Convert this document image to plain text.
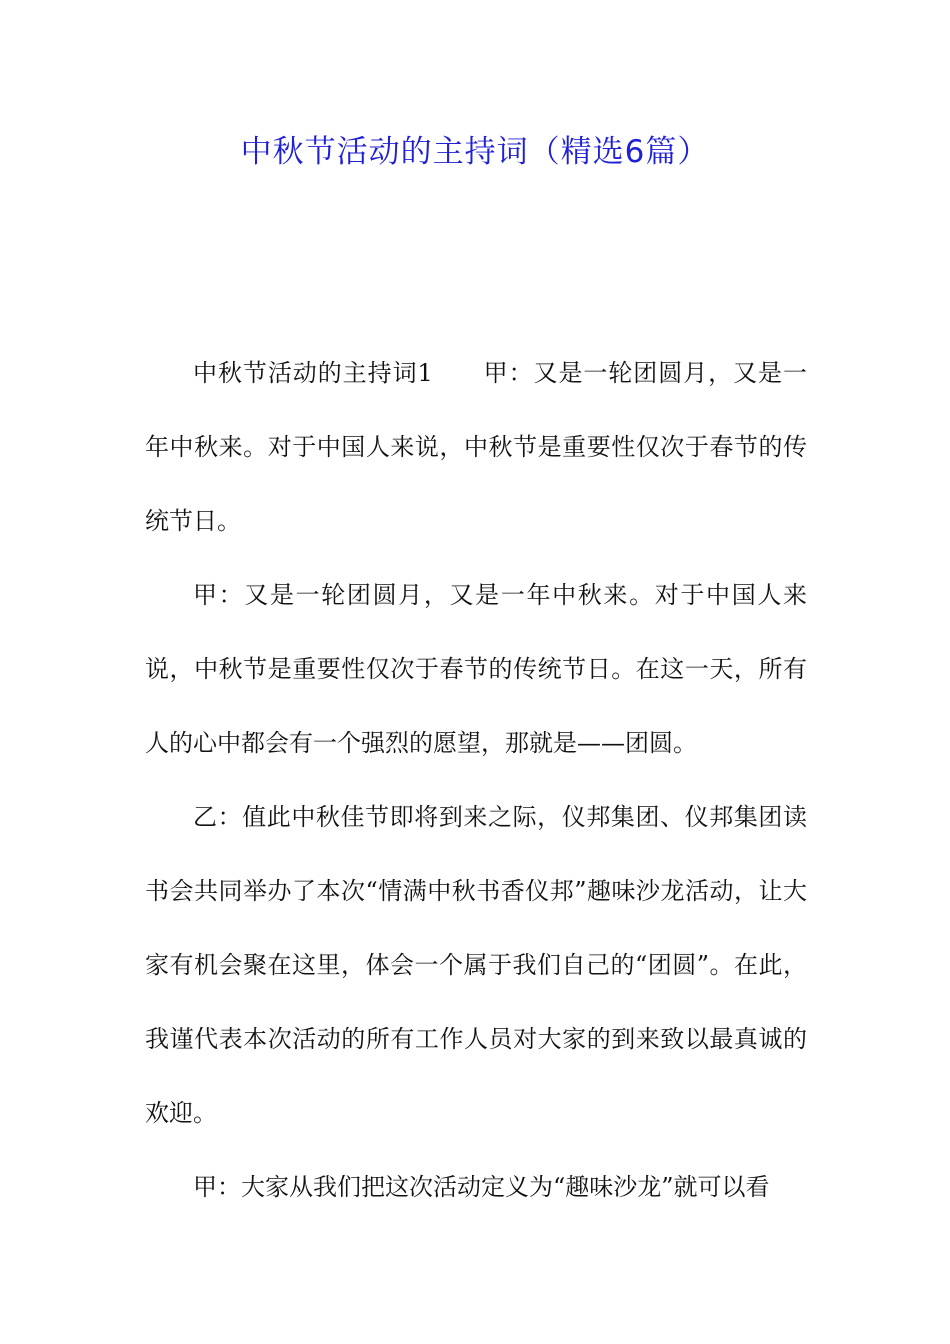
中秋节活动的主持词（精选6篇）

中秋节活动的主持词1　　甲：又是一轮团圆月，又是一年中秋来。对于中国人来说，中秋节是重要性仅次于春节的传统节日。

甲：又是一轮团圆月，又是一年中秋来。对于中国人来说，中秋节是重要性仅次于春节的传统节日。在这一天，所有人的心中都会有一个强烈的愿望，那就是——团圆。

乙：值此中秋佳节即将到来之际，仪邦集团、仪邦集团读书会共同举办了本次“情满中秋书香仪邦”趣味沙龙活动，让大家有机会聚在这里，体会一个属于我们自己的“团圆”。在此，我谨代表本次活动的所有工作人员对大家的到来致以最真诚的欢迎。

甲：大家从我们把这次活动定义为“趣味沙龙”就可以看
